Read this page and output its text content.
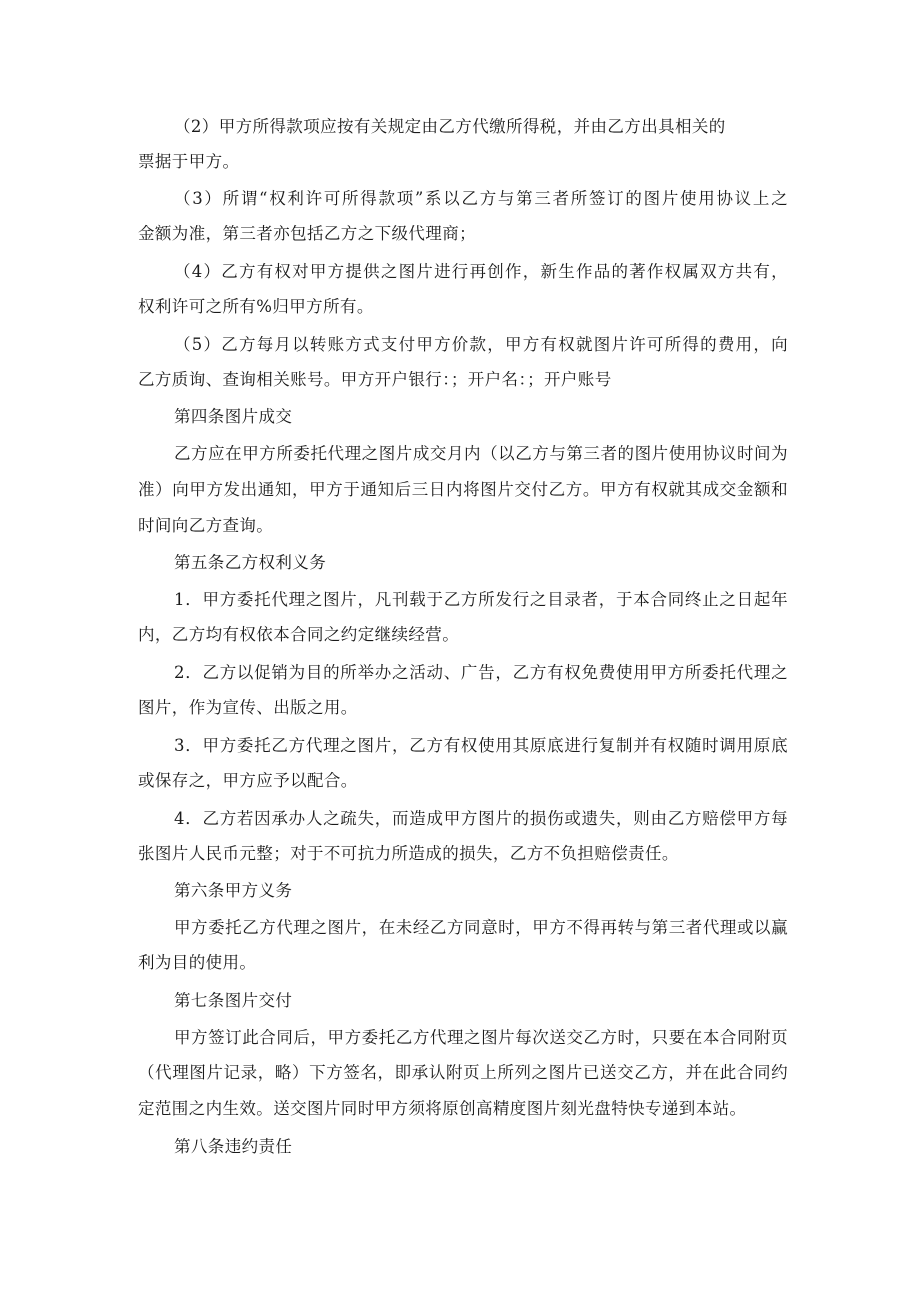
（2）甲方所得款项应按有关规定由乙方代缴所得税，并由乙方出具相关的
票据于甲方。
（3）所谓“权利许可所得款项”系以乙方与第三者所签订的图片使用协议上之
金额为准，第三者亦包括乙方之下级代理商；
（4）乙方有权对甲方提供之图片进行再创作，新生作品的著作权属双方共有，
权利许可之所有%归甲方所有。
（5）乙方每月以转账方式支付甲方价款，甲方有权就图片许可所得的费用，向
乙方质询、查询相关账号。甲方开户银行：；开户名：；开户账号
第四条图片成交
乙方应在甲方所委托代理之图片成交月内（以乙方与第三者的图片使用协议时间为
准）向甲方发出通知，甲方于通知后三日内将图片交付乙方。甲方有权就其成交金额和
时间向乙方查询。
第五条乙方权利义务
1．甲方委托代理之图片，凡刊载于乙方所发行之目录者，于本合同终止之日起年
内，乙方均有权依本合同之约定继续经营。
2．乙方以促销为目的所举办之活动、广告，乙方有权免费使用甲方所委托代理之
图片，作为宣传、出版之用。
3．甲方委托乙方代理之图片，乙方有权使用其原底进行复制并有权随时调用原底
或保存之，甲方应予以配合。
4．乙方若因承办人之疏失，而造成甲方图片的损伤或遗失，则由乙方赔偿甲方每
张图片人民币元整；对于不可抗力所造成的损失，乙方不负担赔偿责任。
第六条甲方义务
甲方委托乙方代理之图片，在未经乙方同意时，甲方不得再转与第三者代理或以赢
利为目的使用。
第七条图片交付
甲方签订此合同后，甲方委托乙方代理之图片每次送交乙方时，只要在本合同附页
（代理图片记录，略）下方签名，即承认附页上所列之图片已送交乙方，并在此合同约
定范围之内生效。送交图片同时甲方须将原创高精度图片刻光盘特快专递到本站。
第八条违约责任
